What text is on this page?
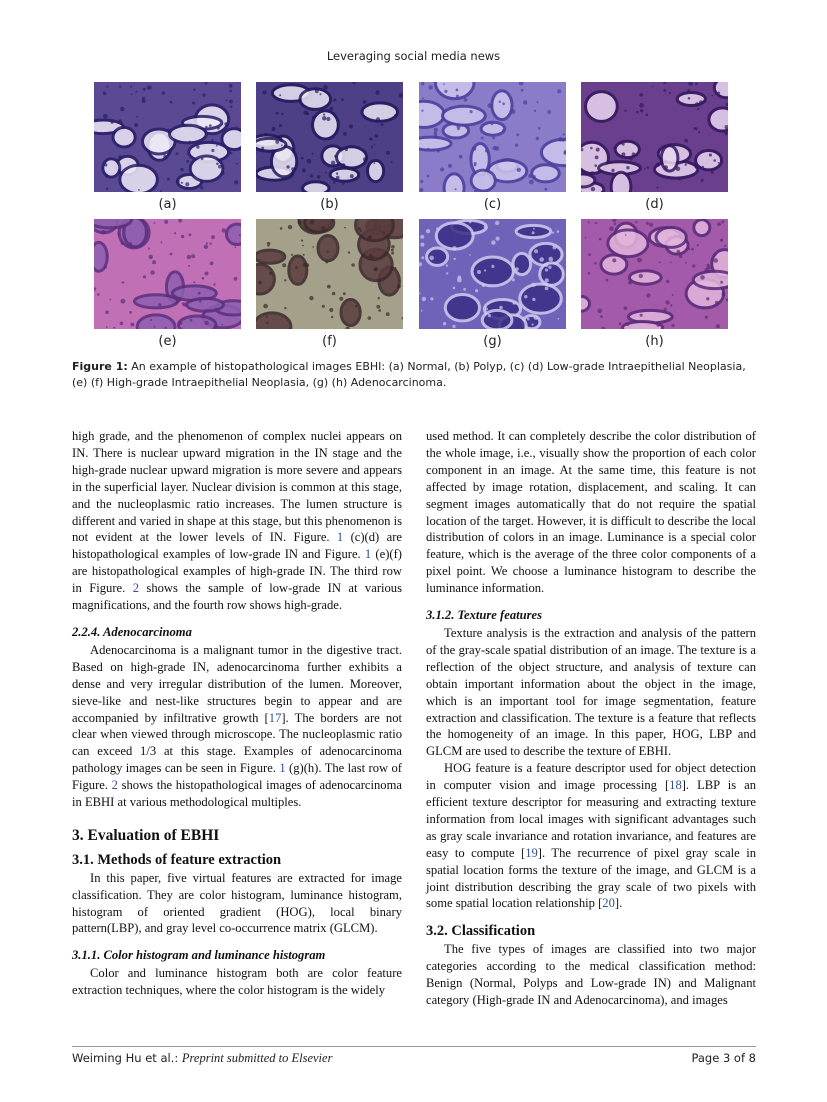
Leveraging social media news
(a)	(b)	(c)	(d)
(e)	(f)	(g)	(h)
Figure 1: An example of histopathological images EBHI: (a) Normal, (b) Polyp, (c) (d) Low-grade Intraepithelial Neoplasia, (e) (f) High-grade Intraepithelial Neoplasia, (g) (h) Adenocarcinoma.

high grade, and the phenomenon of complex nuclei appears on IN. There is nuclear upward migration in the IN stage and the high-grade nuclear upward migration is more severe and appears in the superficial layer. Nuclear division is common at this stage, and the nucleoplasmic ratio increases. The lumen structure is different and varied in shape at this stage, but this phenomenon is not evident at the lower levels of IN. Figure. 1 (c)(d) are histopathological examples of low-grade IN and Figure. 1 (e)(f) are histopathological examples of high-grade IN. The third row in Figure. 2 shows the sample of low-grade IN at various magnifications, and the fourth row shows high-grade.

2.2.4. Adenocarcinoma

Adenocarcinoma is a malignant tumor in the digestive tract. Based on high-grade IN, adenocarcinoma further exhibits a dense and very irregular distribution of the lumen. Moreover, sieve-like and nest-like structures begin to appear and are accompanied by infiltrative growth [17]. The borders are not clear when viewed through microscope. The nucleoplasmic ratio can exceed 1/3 at this stage. Examples of adenocarcinoma pathology images can be seen in Figure. 1 (g)(h). The last row of Figure. 2 shows the histopathological images of adenocarcinoma in EBHI at various methodological multiples.

3. Evaluation of EBHI
3.1. Methods of feature extraction

In this paper, five virtual features are extracted for image classification. They are color histogram, luminance histogram, histogram of oriented gradient (HOG), local binary pattern(LBP), and gray level co-occurrence matrix (GLCM).

3.1.1. Color histogram and luminance histogram

Color and luminance histogram both are color feature extraction techniques, where the color histogram is the widely

used method. It can completely describe the color distribution of the whole image, i.e., visually show the proportion of each color component in an image. At the same time, this feature is not affected by image rotation, displacement, and scaling. It can segment images automatically that do not require the spatial location of the target. However, it is difficult to describe the local distribution of colors in an image. Luminance is a special color feature, which is the average of the three color components of a pixel point. We choose a luminance histogram to describe the luminance information.

3.1.2. Texture features

Texture analysis is the extraction and analysis of the pattern of the gray-scale spatial distribution of an image. The texture is a reflection of the object structure, and analysis of texture can obtain important information about the object in the image, which is an important tool for image segmentation, feature extraction and classification. The texture is a feature that reflects the homogeneity of an image. In this paper, HOG, LBP and GLCM are used to describe the texture of EBHI.

HOG feature is a feature descriptor used for object detection in computer vision and image processing [18]. LBP is an efficient texture descriptor for measuring and extracting texture information from local images with significant advantages such as gray scale invariance and rotation invariance, and features are easy to compute [19]. The recurrence of pixel gray scale in spatial location forms the texture of the image, and GLCM is a joint distribution describing the gray scale of two pixels with some spatial location relationship [20].

3.2. Classification

The five types of images are classified into two major categories according to the medical classification method: Benign (Normal, Polyps and Low-grade IN) and Malignant category (High-grade IN and Adenocarcinoma), and images

Weiming Hu et al.: Preprint submitted to Elsevier	Page 3 of 8
